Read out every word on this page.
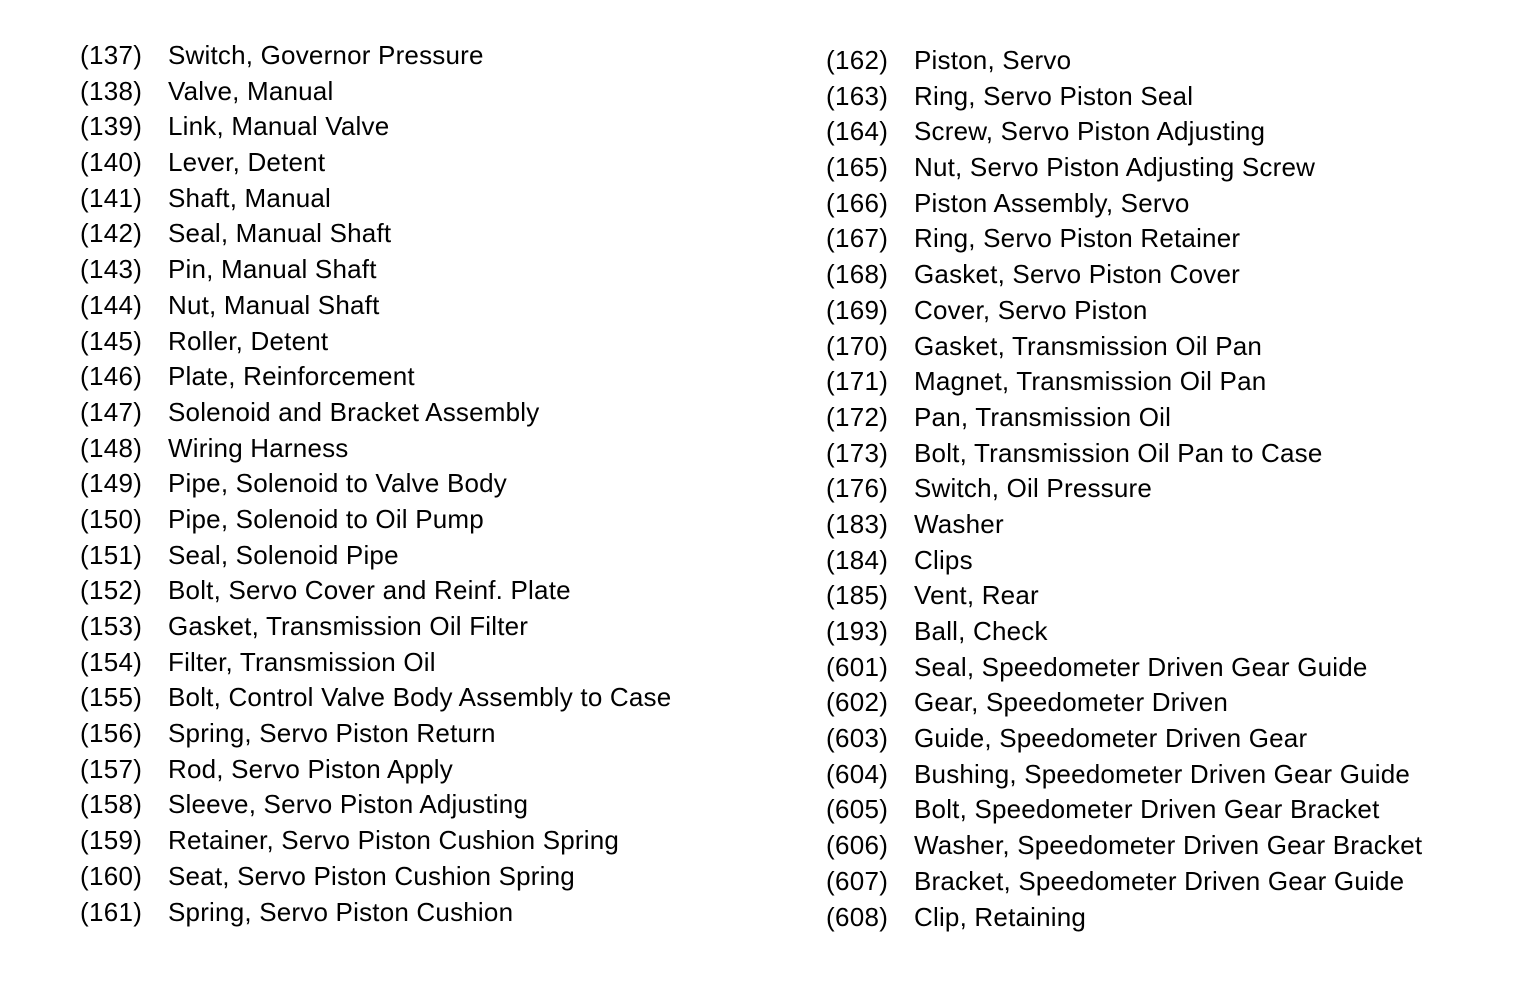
(137) Switch, Governor Pressure
(138) Valve, Manual
(139) Link, Manual Valve
(140) Lever, Detent
(141) Shaft, Manual
(142) Seal, Manual Shaft
(143) Pin, Manual Shaft
(144) Nut, Manual Shaft
(145) Roller, Detent
(146) Plate, Reinforcement
(147) Solenoid and Bracket Assembly
(148) Wiring Harness
(149) Pipe, Solenoid to Valve Body
(150) Pipe, Solenoid to Oil Pump
(151) Seal, Solenoid Pipe
(152) Bolt, Servo Cover and Reinf. Plate
(153) Gasket, Transmission Oil Filter
(154) Filter, Transmission Oil
(155) Bolt, Control Valve Body Assembly to Case
(156) Spring, Servo Piston Return
(157) Rod, Servo Piston Apply
(158) Sleeve, Servo Piston Adjusting
(159) Retainer, Servo Piston Cushion Spring
(160) Seat, Servo Piston Cushion Spring
(161) Spring, Servo Piston Cushion
(162) Piston, Servo
(163) Ring, Servo Piston Seal
(164) Screw, Servo Piston Adjusting
(165) Nut, Servo Piston Adjusting Screw
(166) Piston Assembly, Servo
(167) Ring, Servo Piston Retainer
(168) Gasket, Servo Piston Cover
(169) Cover, Servo Piston
(170) Gasket, Transmission Oil Pan
(171) Magnet, Transmission Oil Pan
(172) Pan, Transmission Oil
(173) Bolt, Transmission Oil Pan to Case
(176) Switch, Oil Pressure
(183) Washer
(184) Clips
(185) Vent, Rear
(193) Ball, Check
(601) Seal, Speedometer Driven Gear Guide
(602) Gear, Speedometer Driven
(603) Guide, Speedometer Driven Gear
(604) Bushing, Speedometer Driven Gear Guide
(605) Bolt, Speedometer Driven Gear Bracket
(606) Washer, Speedometer Driven Gear Bracket
(607) Bracket, Speedometer Driven Gear Guide
(608) Clip, Retaining
